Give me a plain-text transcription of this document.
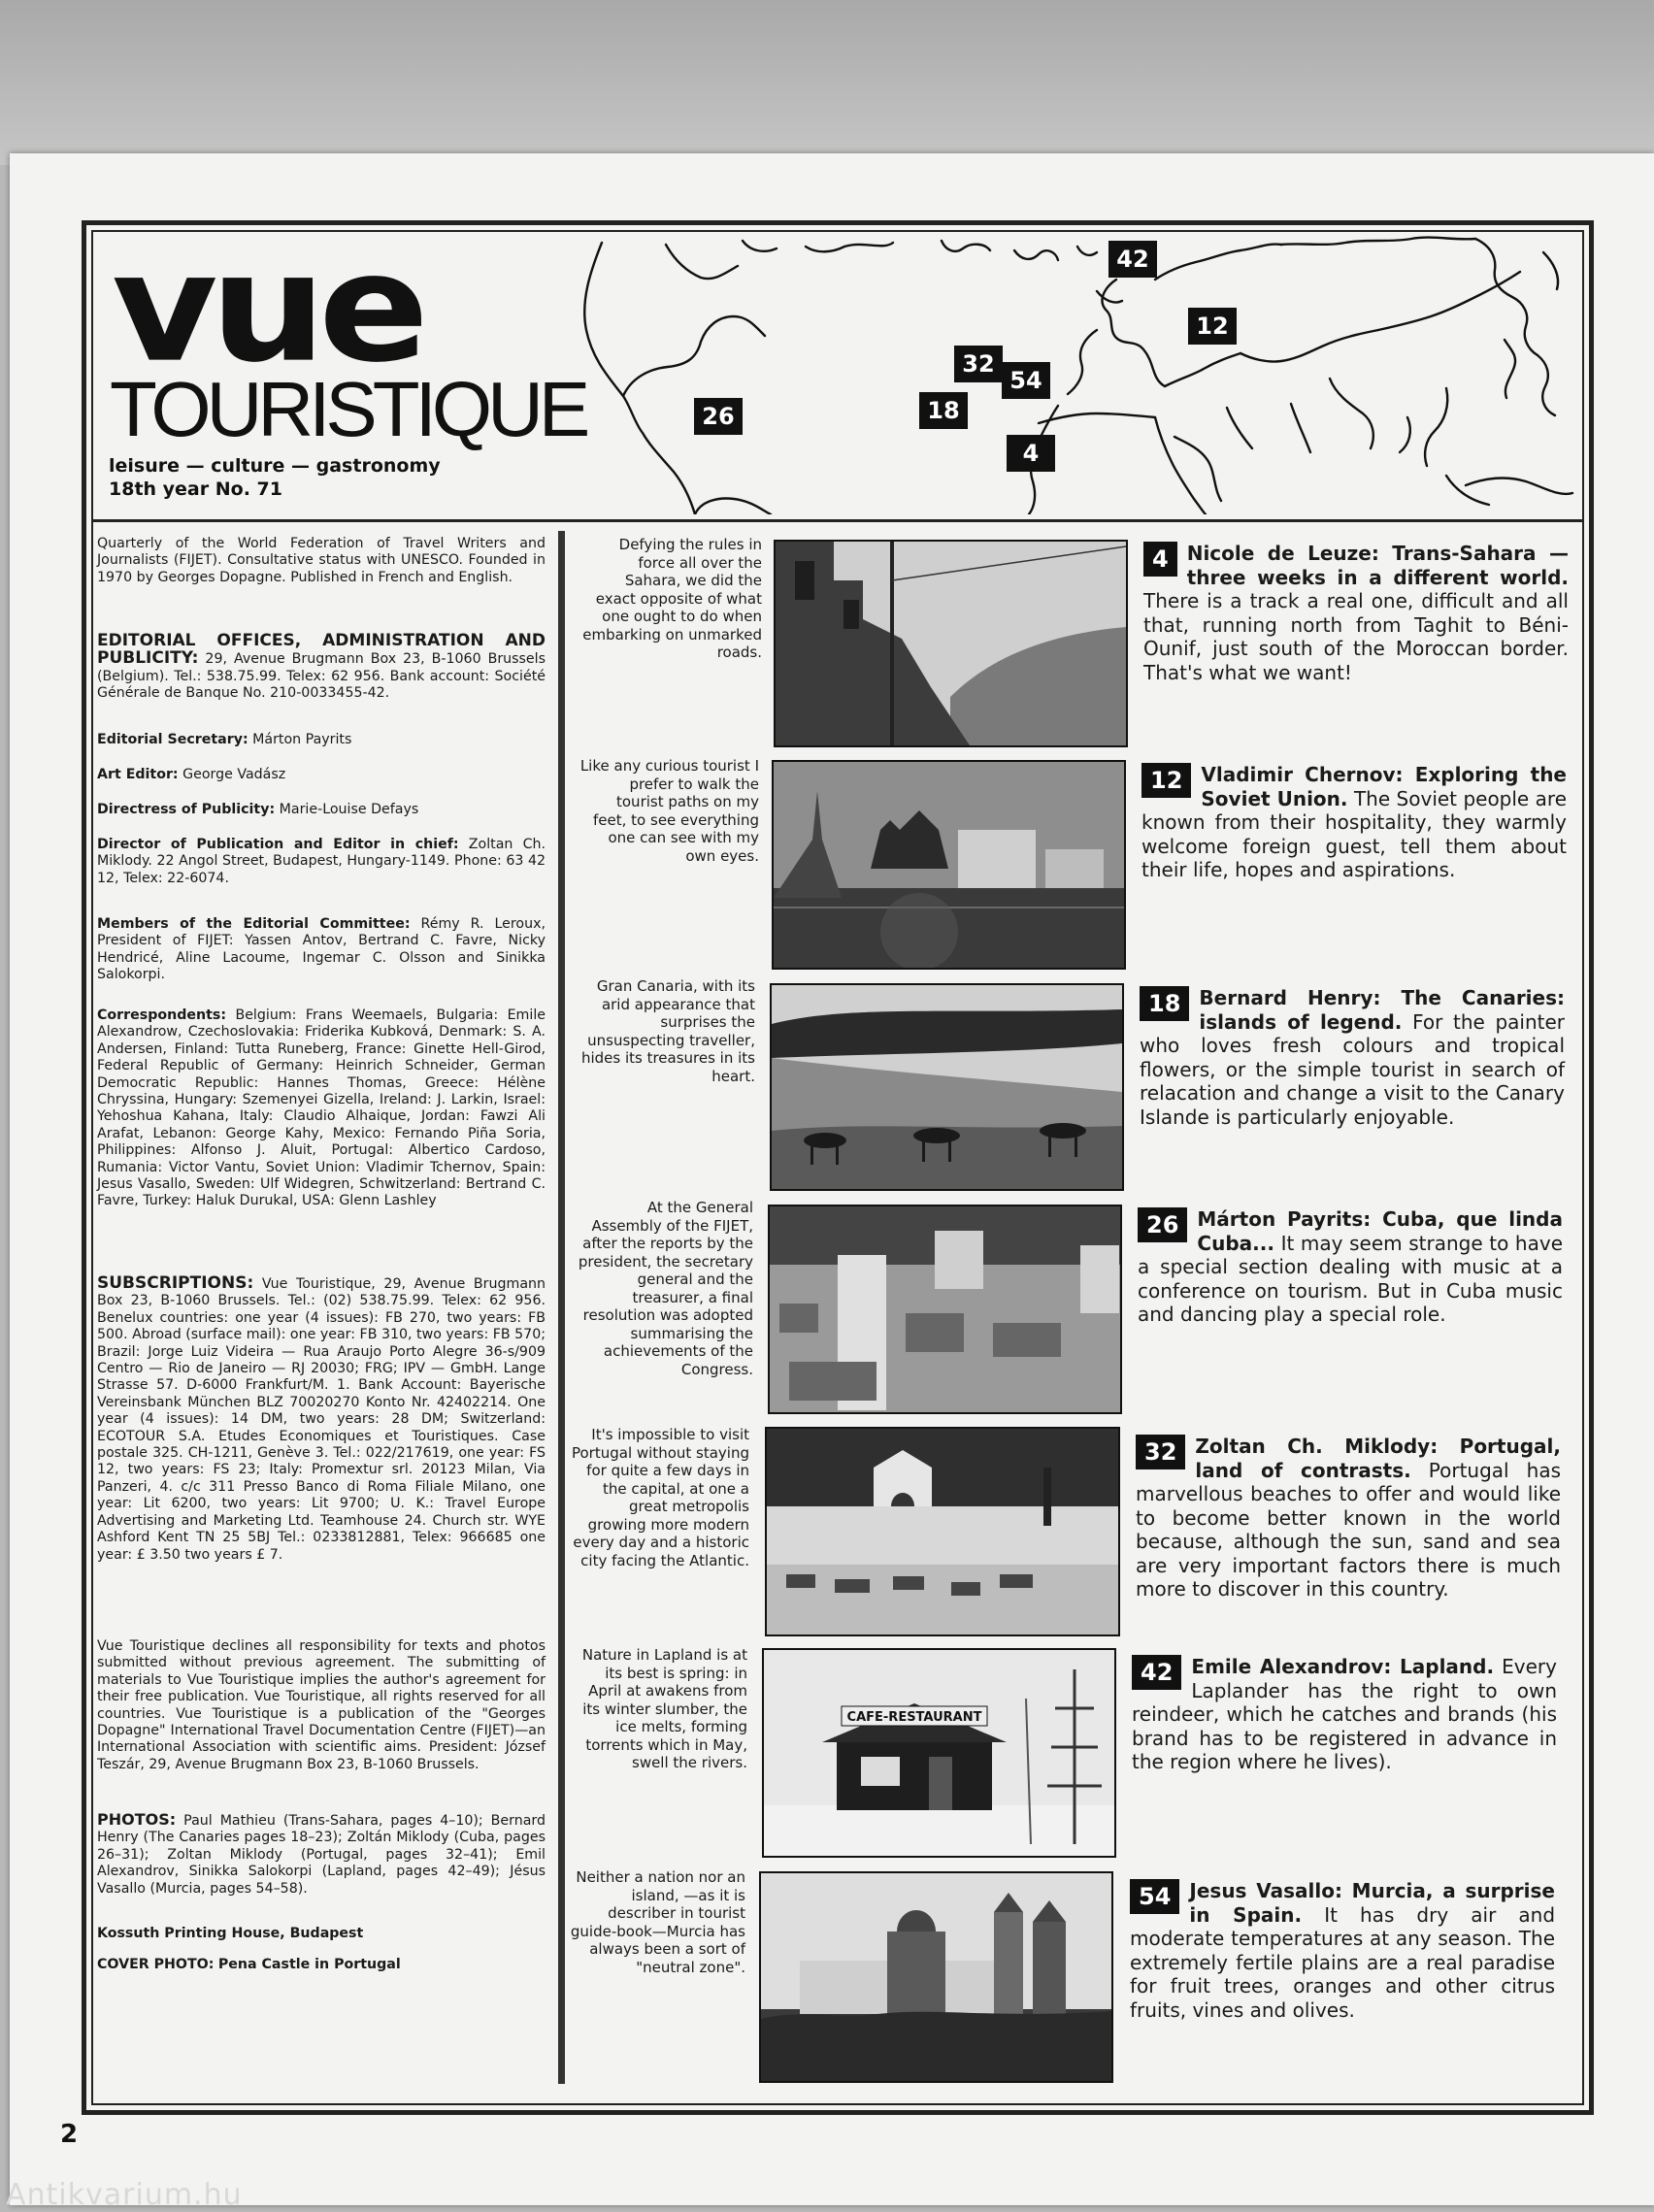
vue
TOURISTIQUE
leisure — culture — gastronomy
18th year No. 71
42
12
32
54
18
26
4

Quarterly of the World Federation of Travel Writers and Journalists (FIJET). Consultative status with UNESCO. Founded in 1970 by Georges Dopagne. Published in French and English.

EDITORIAL OFFICES, ADMINISTRATION AND PUBLICITY: 29, Avenue Brugmann Box 23, B-1060 Brussels (Belgium). Tel.: 538.75.99. Telex: 62 956. Bank account: Société Générale de Banque No. 210-0033455-42.

Editorial Secretary: Márton Payrits

Art Editor: George Vadász

Directress of Publicity: Marie-Louise Defays

Director of Publication and Editor in chief: Zoltan Ch. Miklody. 22 Angol Street, Budapest, Hungary-1149. Phone: 63 42 12, Telex: 22-6074.

Members of the Editorial Committee: Rémy R. Leroux, President of FIJET: Yassen Antov, Bertrand C. Favre, Nicky Hendricé, Aline Lacoume, Ingemar C. Olsson and Sinikka Salokorpi.

Correspondents: Belgium: Frans Weemaels, Bulgaria: Emile Alexandrow, Czechoslovakia: Friderika Kubková, Denmark: S. A. Andersen, Finland: Tutta Runeberg, France: Ginette Hell-Girod, Federal Republic of Germany: Heinrich Schneider, German Democratic Republic: Hannes Thomas, Greece: Hélène Chryssina, Hungary: Szemenyei Gizella, Ireland: J. Larkin, Israel: Yehoshua Kahana, Italy: Claudio Alhaique, Jordan: Fawzi Ali Arafat, Lebanon: George Kahy, Mexico: Fernando Piña Soria, Philippines: Alfonso J. Aluit, Portugal: Albertico Cardoso, Rumania: Victor Vantu, Soviet Union: Vladimir Tchernov, Spain: Jesus Vasallo, Sweden: Ulf Widegren, Schwitzerland: Bertrand C. Favre, Turkey: Haluk Durukal, USA: Glenn Lashley

SUBSCRIPTIONS: Vue Touristique, 29, Avenue Brugmann Box 23, B-1060 Brussels. Tel.: (02) 538.75.99. Telex: 62 956. Benelux countries: one year (4 issues): FB 270, two years: FB 500. Abroad (surface mail): one year: FB 310, two years: FB 570; Brazil: Jorge Luiz Videira — Rua Araujo Porto Alegre 36-s/909 Centro — Rio de Janeiro — RJ 20030; FRG; IPV — GmbH. Lange Strasse 57. D-6000 Frankfurt/M. 1. Bank Account: Bayerische Vereinsbank München BLZ 70020270 Konto Nr. 42402214. One year (4 issues): 14 DM, two years: 28 DM; Switzerland: ECOTOUR S.A. Etudes Economiques et Touristiques. Case postale 325. CH-1211, Genève 3. Tel.: 022/217619, one year: FS 12, two years: FS 23; Italy: Promextur srl. 20123 Milan, Via Panzeri, 4. c/c 311 Presso Banco di Roma Filiale Milano, one year: Lit 6200, two years: Lit 9700; U. K.: Travel Europe Advertising and Marketing Ltd. Teamhouse 24. Church str. WYE Ashford Kent TN 25 5BJ Tel.: 0233812881, Telex: 966685 one year: £ 3.50 two years £ 7.

Vue Touristique declines all responsibility for texts and photos submitted without previous agreement. The submitting of materials to Vue Touristique implies the author's agreement for their free publication. Vue Touristique, all rights reserved for all countries. Vue Touristique is a publication of the "Georges Dopagne" International Travel Documentation Centre (FIJET)—an International Association with scientific aims. President: József Teszár, 29, Avenue Brugmann Box 23, B-1060 Brussels.

PHOTOS: Paul Mathieu (Trans-Sahara, pages 4–10); Bernard Henry (The Canaries pages 18–23); Zoltán Miklody (Cuba, pages 26–31); Zoltan Miklody (Portugal, pages 32–41); Emil Alexandrov, Sinikka Salokorpi (Lapland, pages 42–49); Jésus Vasallo (Murcia, pages 54–58).

Kossuth Printing House, Budapest

COVER PHOTO: Pena Castle in Portugal

Defying the rules in force all over the Sahara, we did the exact opposite of what one ought to do when embarking on unmarked roads.
4 Nicole de Leuze: Trans-Sahara —three weeks in a different world. There is a track a real one, difficult and all that, running north from Taghit to Béni-Ounif, just south of the Moroccan border. That's what we want!
Like any curious tourist I prefer to walk the tourist paths on my feet, to see everything one can see with my own eyes.
12 Vladimir Chernov: Exploring the Soviet Union. The Soviet people are known from their hospitality, they warmly welcome foreign guest, tell them about their life, hopes and aspirations.
Gran Canaria, with its arid appearance that surprises the unsuspecting traveller, hides its treasures in its heart.
18 Bernard Henry: The Canaries: islands of legend. For the painter who loves fresh colours and tropical flowers, or the simple tourist in search of relacation and change a visit to the Canary Islande is particularly enjoyable.
At the General Assembly of the FIJET, after the reports by the president, the secretary general and the treasurer, a final resolution was adopted summarising the achievements of the Congress.
26 Márton Payrits: Cuba, que linda Cuba... It may seem strange to have a special section dealing with music at a conference on tourism. But in Cuba music and dancing play a special role.
It's impossible to visit Portugal without staying for quite a few days in the capital, at one a great metropolis growing more modern every day and a historic city facing the Atlantic.
32 Zoltan Ch. Miklody: Portugal, land of contrasts. Portugal has marvellous beaches to offer and would like to become better known in the world because, although the sun, sand and sea are very important factors there is much more to discover in this country.
Nature in Lapland is at its best is spring: in April at awakens from its winter slumber, the ice melts, forming torrents which in May, swell the rivers.
CAFE-RESTAURANT
42 Emile Alexandrov: Lapland. Every Laplander has the right to own reindeer, which he catches and brands (his brand has to be registered in advance in the region where he lives).
Neither a nation nor an island, —as it is describer in tourist guide-book—Murcia has always been a sort of "neutral zone".
54 Jesus Vasallo: Murcia, a surprise in Spain. It has dry air and moderate temperatures at any season. The extremely fertile plains are a real paradise for fruit trees, oranges and other citrus fruits, vines and olives.
2
Antikvarium.hu
